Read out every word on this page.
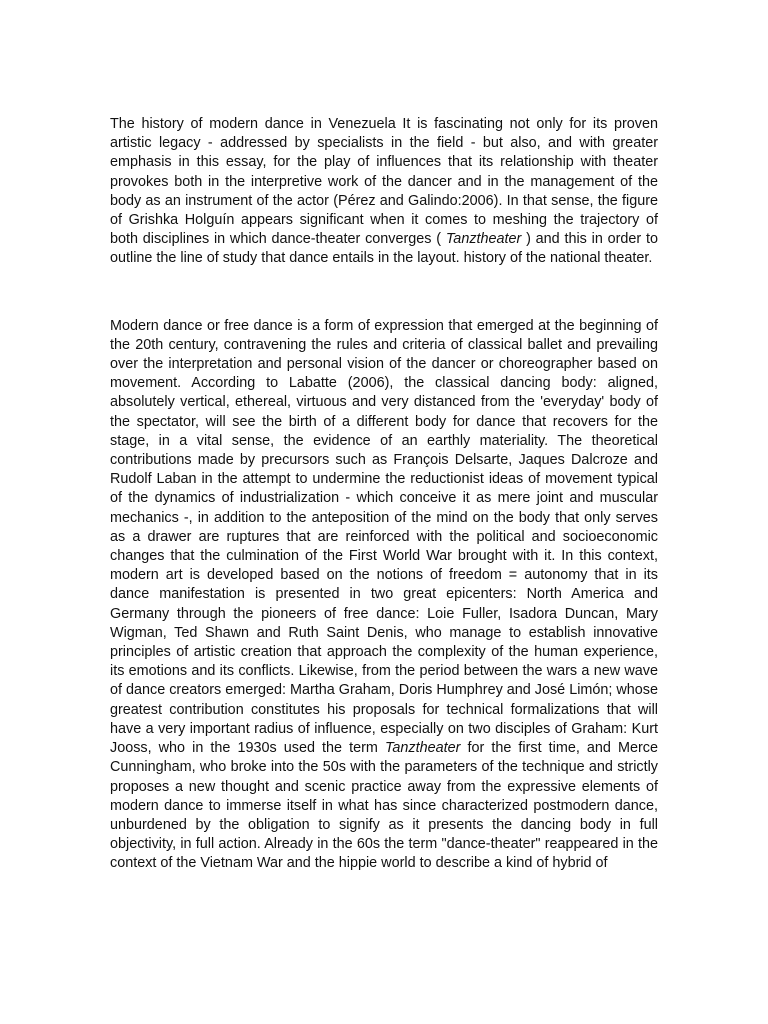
The history of modern dance in Venezuela It is fascinating not only for its proven artistic legacy - addressed by specialists in the field - but also, and with greater emphasis in this essay, for the play of influences that its relationship with theater provokes both in the interpretive work of the dancer and in the management of the body as an instrument of the actor (Pérez and Galindo:2006). In that sense, the figure of Grishka Holguín appears significant when it comes to meshing the trajectory of both disciplines in which dance-theater converges ( Tanztheater ) and this in order to outline the line of study that dance entails in the layout. history of the national theater.

Modern dance or free dance is a form of expression that emerged at the beginning of the 20th century, contravening the rules and criteria of classical ballet and prevailing over the interpretation and personal vision of the dancer or choreographer based on movement. According to Labatte (2006), the classical dancing body: aligned, absolutely vertical, ethereal, virtuous and very distanced from the 'everyday' body of the spectator, will see the birth of a different body for dance that recovers for the stage, in a vital sense, the evidence of an earthly materiality. The theoretical contributions made by precursors such as François Delsarte, Jaques Dalcroze and Rudolf Laban in the attempt to undermine the reductionist ideas of movement typical of the dynamics of industrialization - which conceive it as mere joint and muscular mechanics -, in addition to the anteposition of the mind on the body that only serves as a drawer are ruptures that are reinforced with the political and socioeconomic changes that the culmination of the First World War brought with it. In this context, modern art is developed based on the notions of freedom = autonomy that in its dance manifestation is presented in two great epicenters: North America and Germany through the pioneers of free dance: Loie Fuller, Isadora Duncan, Mary Wigman, Ted Shawn and Ruth Saint Denis, who manage to establish innovative principles of artistic creation that approach the complexity of the human experience, its emotions and its conflicts. Likewise, from the period between the wars a new wave of dance creators emerged: Martha Graham, Doris Humphrey and José Limón; whose greatest contribution constitutes his proposals for technical formalizations that will have a very important radius of influence, especially on two disciples of Graham: Kurt Jooss, who in the 1930s used the term Tanztheater for the first time, and Merce Cunningham, who broke into the 50s with the parameters of the technique and strictly proposes a new thought and scenic practice away from the expressive elements of modern dance to immerse itself in what has since characterized postmodern dance, unburdened by the obligation to signify as it presents the dancing body in full objectivity, in full action. Already in the 60s the term "dance-theater" reappeared in the context of the Vietnam War and the hippie world to describe a kind of hybrid of
